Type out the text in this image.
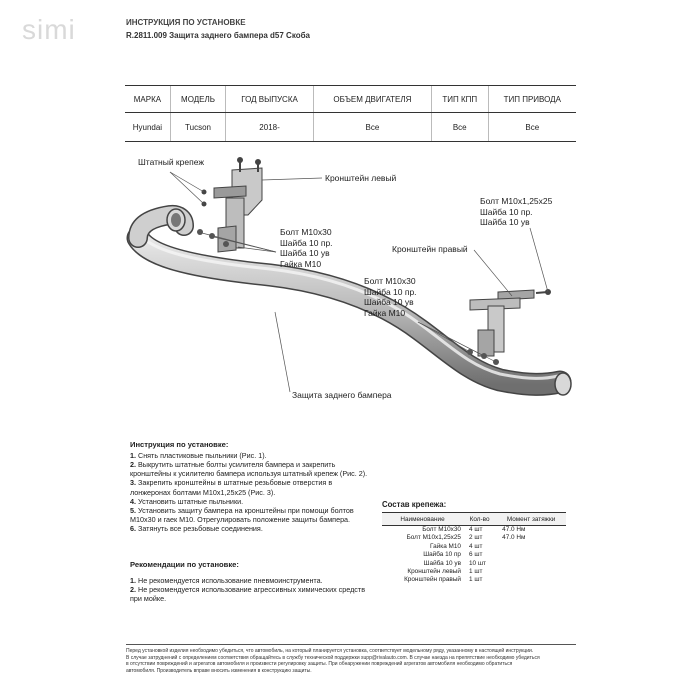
simi	ИНСТРУКЦИЯ ПО УСТАНОВКЕ
R.2811.009 Защита заднего бампера d57 Скоба
МАРКА	МОДЕЛЬ	ГОД ВЫПУСКА	ОБЪЕМ ДВИГАТЕЛЯ	ТИП КПП	ТИП ПРИВОДА
Hyundai	Tucson	2018-	Все	Все	Все
Штатный крепеж
Кронштейн левый
Болт М10х30
Шайба 10 пр.
Шайба 10 ув
Гайка М10
Болт М10х1,25х25
Шайба 10 пр.
Шайба 10 ув
Кронштейн правый
Болт М10х30
Шайба 10 пр.
Шайба 10 ув
Гайка М10
Защита заднего бампера
Инструкция по установке:
1. Снять пластиковые пыльники (Рис. 1).
2. Выкрутить штатные болты усилителя бампера и закрепить кронштейны к усилителю бампера используя штатный крепеж (Рис. 2).
3. Закрепить кронштейны в штатные резьбовые отверстия в лонжеронах болтами М10х1,25х25 (Рис. 3).
4. Установить штатные пыльники.
5. Установить защиту бампера на кронштейны при помощи болтов М10х30 и гаек М10. Отрегулировать положение защиты бампера.
6. Затянуть все резьбовые соединения.
Рекомендации по установке:
1. Не рекомендуется использование пневмоинструмента.
2. Не рекомендуется использование агрессивных химических средств при мойке.
Состав крепежа:
Наименование	Кол-во	Момент затяжки
Болт М10х30	4 шт	47.0 Нм
Болт М10х1,25х25	2 шт	47.0 Нм
Гайка М10	4 шт	
Шайба 10 пр	6 шт	
Шайба 10 ув	10 шт	
Кронштейн левый	1 шт	
Кронштейн правый	1 шт	
Перед установкой изделия необходимо убедиться, что автомобиль, на который планируется установка, соответствует модельному ряду, указанному в настоящей инструкции.
В случае затруднений с определением соответствия обращайтесь в службу технической поддержки supp@rivalauto.com. В случае наезда на препятствие необходимо убедиться
в отсутствии повреждений и агрегатов автомобиля и произвести регулировку защиты. При обнаружении повреждений агрегатов автомобиля необходимо обратиться
автомобиля. Производитель вправе вносить изменения в конструкцию защиты.
